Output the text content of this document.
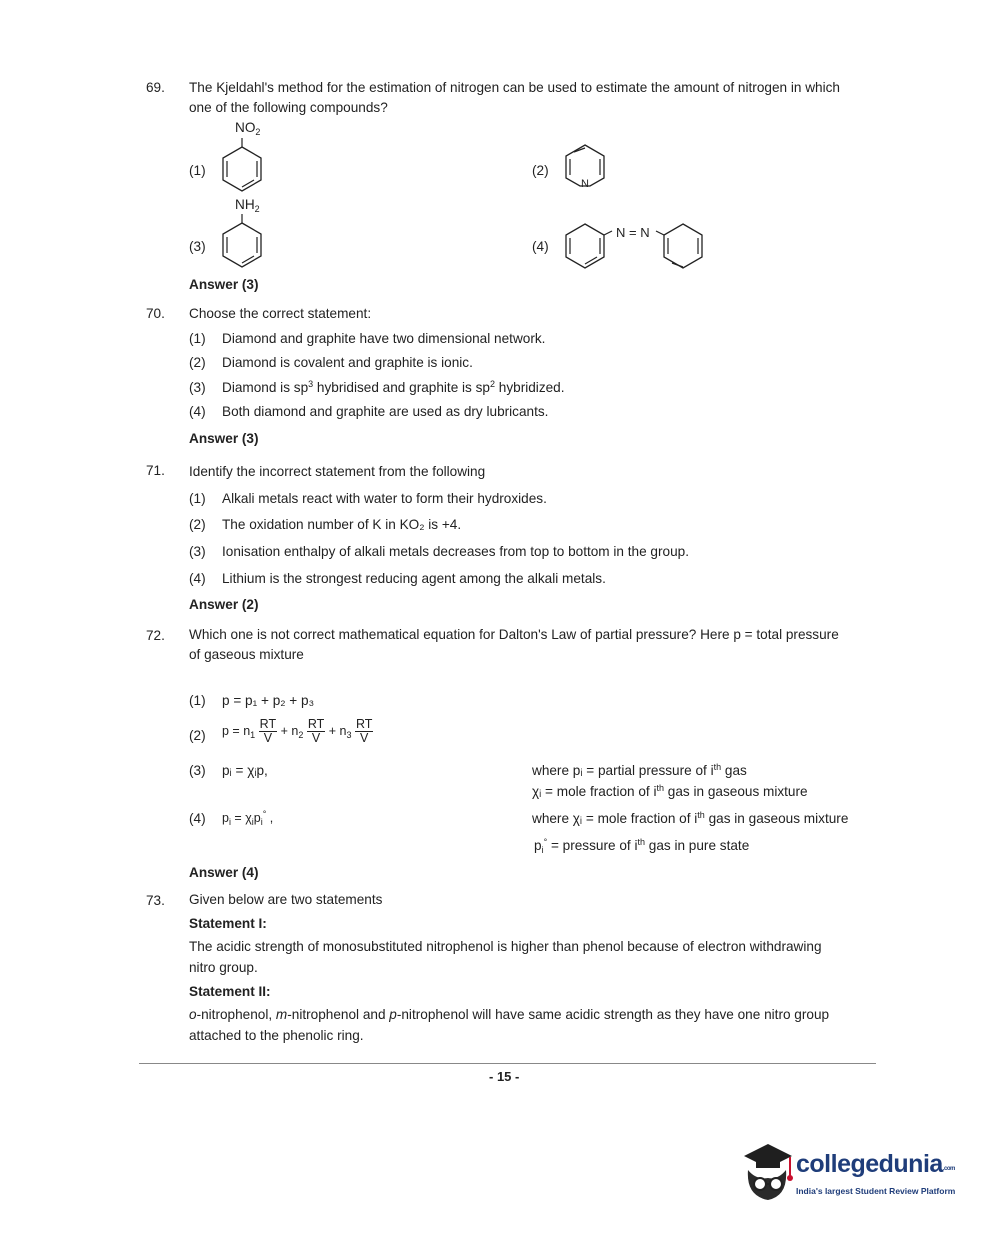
69. The Kjeldahl's method for the estimation of nitrogen can be used to estimate the amount of nitrogen in which
one of the following compounds?
(1)
$NO_2$
(2)
N
(3)
$NH_2$
(4)
N = N
Answer (3)
70. Choose the correct statement:
(1) Diamond and graphite have two dimensional network.
(2) Diamond is covalent and graphite is ionic.
(3) Diamond is $sp^3$ hybridised and graphite is $sp^2$ hybridized.
(4) Both diamond and graphite are used as dry lubricants.
Answer (3)
71. Identify the incorrect statement from the following
(1) Alkali metals react with water to form their hydroxides.
(2) The oxidation number of K in KO₂ is +4.
(3) Ionisation enthalpy of alkali metals decreases from top to bottom in the group.
(4) Lithium is the strongest reducing agent among the alkali metals.
Answer (2)
72. Which one is not correct mathematical equation for Dalton's Law of partial pressure? Here p = total pressure
of gaseous mixture
(1) p = p₁ + p₂ + p₃
(2) $p = n_1 \frac{RT}{V} + n_2 \frac{RT}{V} + n_3 \frac{RT}{V}$
(3) pᵢ = χᵢp,	where pᵢ = partial pressure of $i^{th}$ gas
χᵢ = mole fraction of $i^{th}$ gas in gaseous mixture
(4) $p_i = \chi_ip_i^\circ$ ,	where χᵢ = mole fraction of $i^{th}$ gas in gaseous mixture
$p_i^\circ$ = pressure of $i^{th}$ gas in pure state
Answer (4)
73. Given below are two statements
Statement I:
The acidic strength of monosubstituted nitrophenol is higher than phenol because of electron withdrawing
nitro group.
Statement II:
o-nitrophenol, m-nitrophenol and p-nitrophenol will have same acidic strength as they have one nitro group
attached to the phenolic ring.
- 15 -
collegedunia.com
India's largest Student Review Platform
